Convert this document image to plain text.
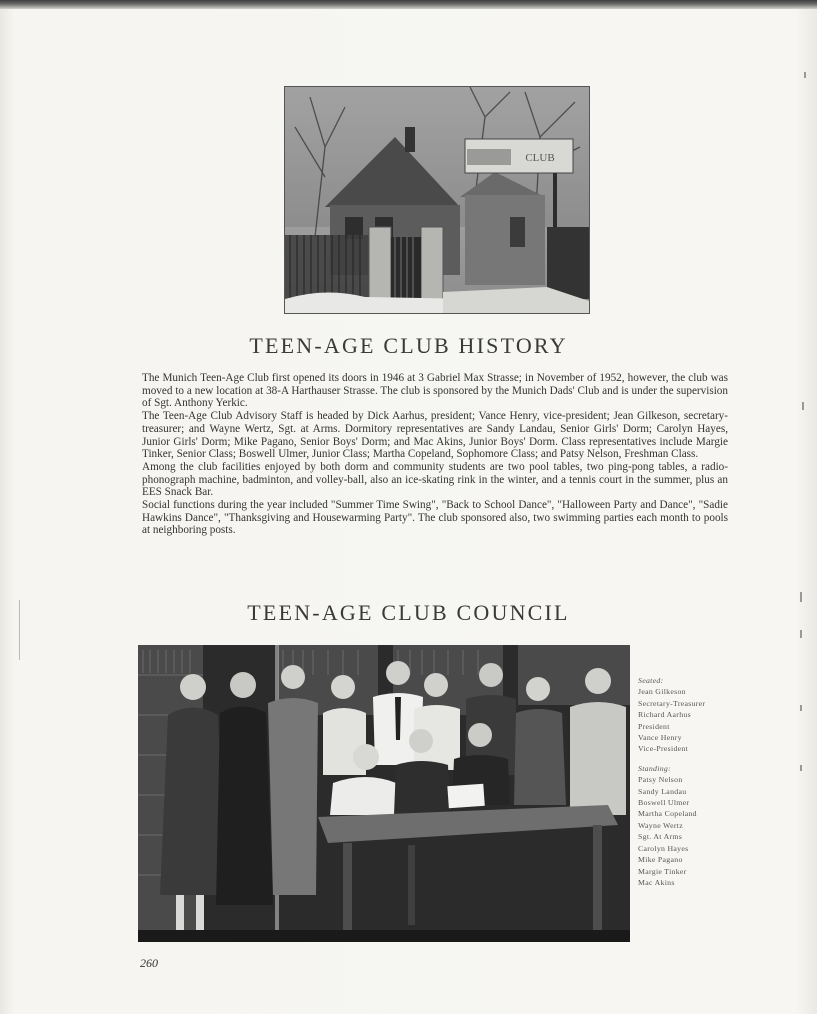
CLUB
TEEN-AGE CLUB HISTORY

The Munich Teen-Age Club first opened its doors in 1946 at 3 Gabriel Max Strasse; in November of 1952, however, the club was moved to a new location at 38-A Harthauser Strasse. The club is sponsored by the Munich Dads' Club and is under the supervision of Sgt. Anthony Yerkic.

The Teen-Age Club Advisory Staff is headed by Dick Aarhus, president; Vance Henry, vice-president; Jean Gilkeson, secretary-treasurer; and Wayne Wertz, Sgt. at Arms. Dormitory representatives are Sandy Landau, Senior Girls' Dorm; Carolyn Hayes, Junior Girls' Dorm; Mike Pagano, Senior Boys' Dorm; and Mac Akins, Junior Boys' Dorm. Class representatives include Margie Tinker, Senior Class; Boswell Ulmer, Junior Class; Martha Copeland, Sophomore Class; and Patsy Nelson, Freshman Class.

Among the club facilities enjoyed by both dorm and community students are two pool tables, two ping-pong tables, a radio-phonograph machine, badminton, and volley-ball, also an ice-skating rink in the winter, and a tennis court in the summer, plus an EES Snack Bar.

Social functions during the year included "Summer Time Swing", "Back to School Dance", "Halloween Party and Dance", "Sadie Hawkins Dance", "Thanksgiving and Housewarming Party". The club sponsored also, two swimming parties each month to pools at neighboring posts.

TEEN-AGE CLUB COUNCIL
Seated:
Jean Gilkeson
Secretary-Treasurer
Richard Aarhus
President
Vance Henry
Vice-President
Standing:
Patsy Nelson
Sandy Landau
Boswell Ulmer
Martha Copeland
Wayne Wertz
Sgt. At Arms
Carolyn Hayes
Mike Pagano
Margie Tinker
Mac Akins
260
